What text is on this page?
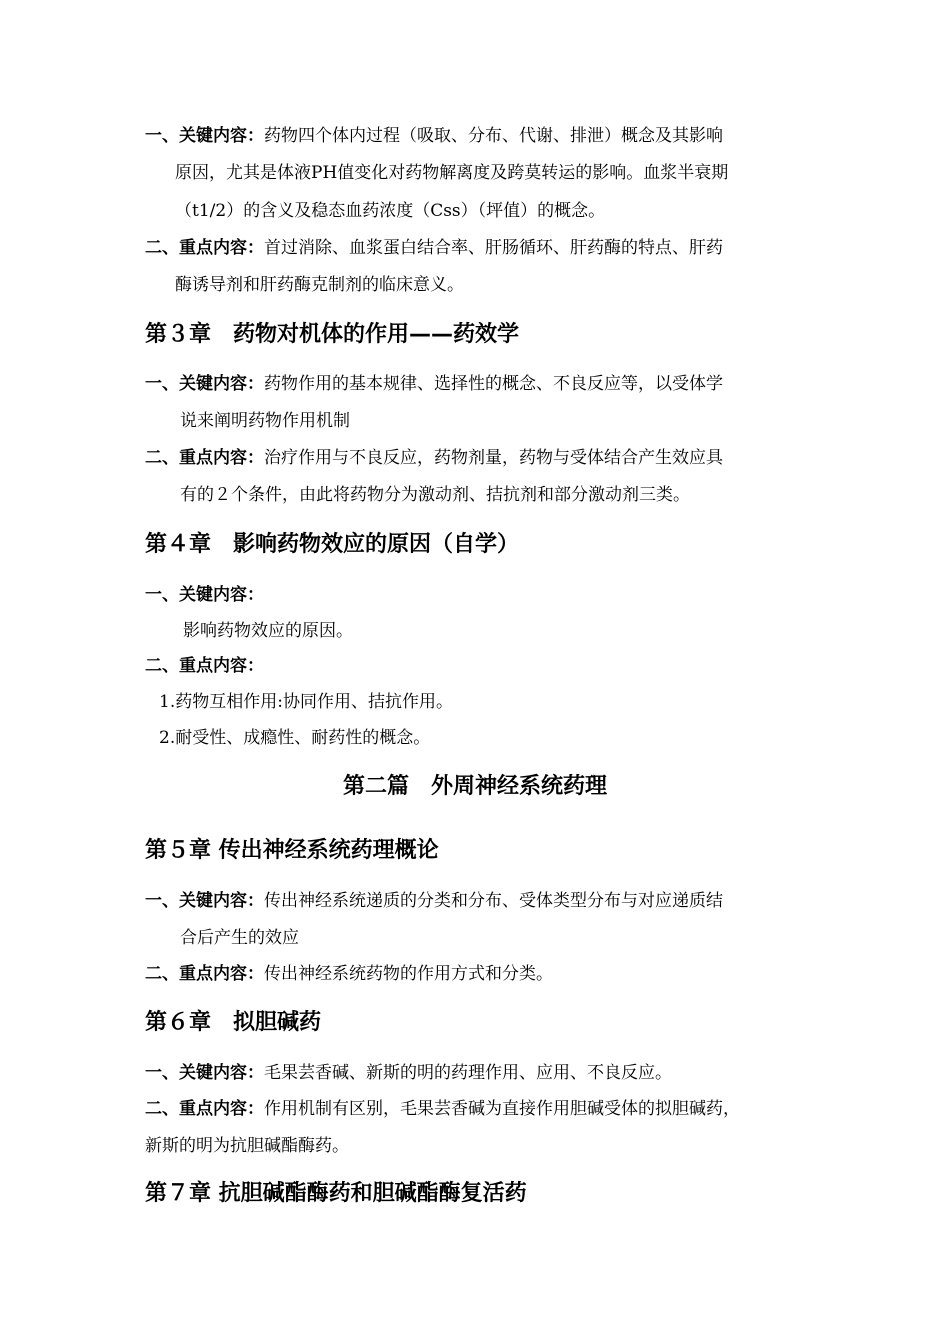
一、关键内容：药物四个体内过程（吸取、分布、代谢、排泄）概念及其影响
原因，尤其是体液PH值变化对药物解离度及跨莫转运的影响。血浆半衰期
（t1/2）的含义及稳态血药浓度（Css）（坪值）的概念。
二、重点内容：首过消除、血浆蛋白结合率、肝肠循环、肝药酶的特点、肝药
酶诱导剂和肝药酶克制剂的临床意义。
第３章　药物对机体的作用——药效学
一、关键内容：药物作用的基本规律、选择性的概念、不良反应等，以受体学
说来阐明药物作用机制
二、重点内容：治疗作用与不良反应，药物剂量，药物与受体结合产生效应具
有的２个条件，由此将药物分为激动剂、拮抗剂和部分激动剂三类。
第４章　影响药物效应的原因（自学）
一、关键内容：
影响药物效应的原因。
二、重点内容：
1.药物互相作用:协同作用、拮抗作用。
2.耐受性、成瘾性、耐药性的概念。
第二篇　外周神经系统药理
第５章 传出神经系统药理概论
一、关键内容：传出神经系统递质的分类和分布、受体类型分布与对应递质结
合后产生的效应
二、重点内容：传出神经系统药物的作用方式和分类。
第６章　拟胆碱药
一、关键内容：毛果芸香碱、新斯的明的药理作用、应用、不良反应。
二、重点内容：作用机制有区别，毛果芸香碱为直接作用胆碱受体的拟胆碱药，
新斯的明为抗胆碱酯酶药。
第７章 抗胆碱酯酶药和胆碱酯酶复活药
